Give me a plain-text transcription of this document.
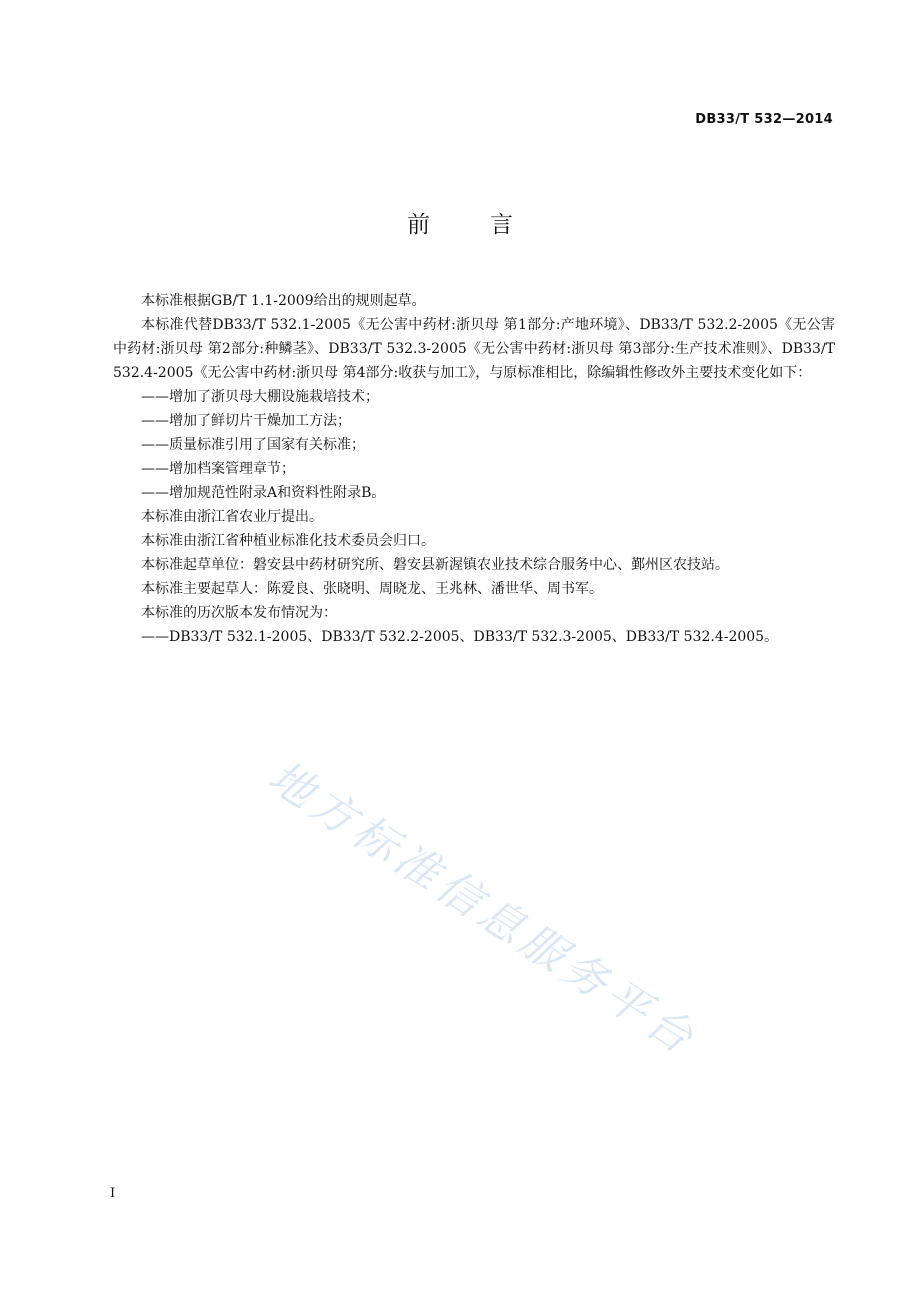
DB33/T 532—2014
前言

本标准根据GB/T 1.1-2009给出的规则起草。

本标准代替DB33/T 532.1-2005《无公害中药材:浙贝母 第1部分:产地环境》、DB33/T 532.2-2005《无公害中药材:浙贝母 第2部分:种鳞茎》、DB33/T 532.3-2005《无公害中药材:浙贝母 第3部分:生产技术准则》、DB33/T 532.4-2005《无公害中药材:浙贝母 第4部分:收获与加工》，与原标准相比，除编辑性修改外主要技术变化如下：

——增加了浙贝母大棚设施栽培技术；

——增加了鲜切片干燥加工方法；

——质量标准引用了国家有关标准；

——增加档案管理章节；

——增加规范性附录A和资料性附录B。

本标准由浙江省农业厅提出。

本标准由浙江省种植业标准化技术委员会归口。

本标准起草单位：磐安县中药材研究所、磐安县新渥镇农业技术综合服务中心、鄞州区农技站。

本标准主要起草人：陈爱良、张晓明、周晓龙、王兆林、潘世华、周书军。

本标准的历次版本发布情况为：

——DB33/T 532.1-2005、DB33/T 532.2-2005、DB33/T 532.3-2005、DB33/T 532.4-2005。

地方标准信息服务平台
I
